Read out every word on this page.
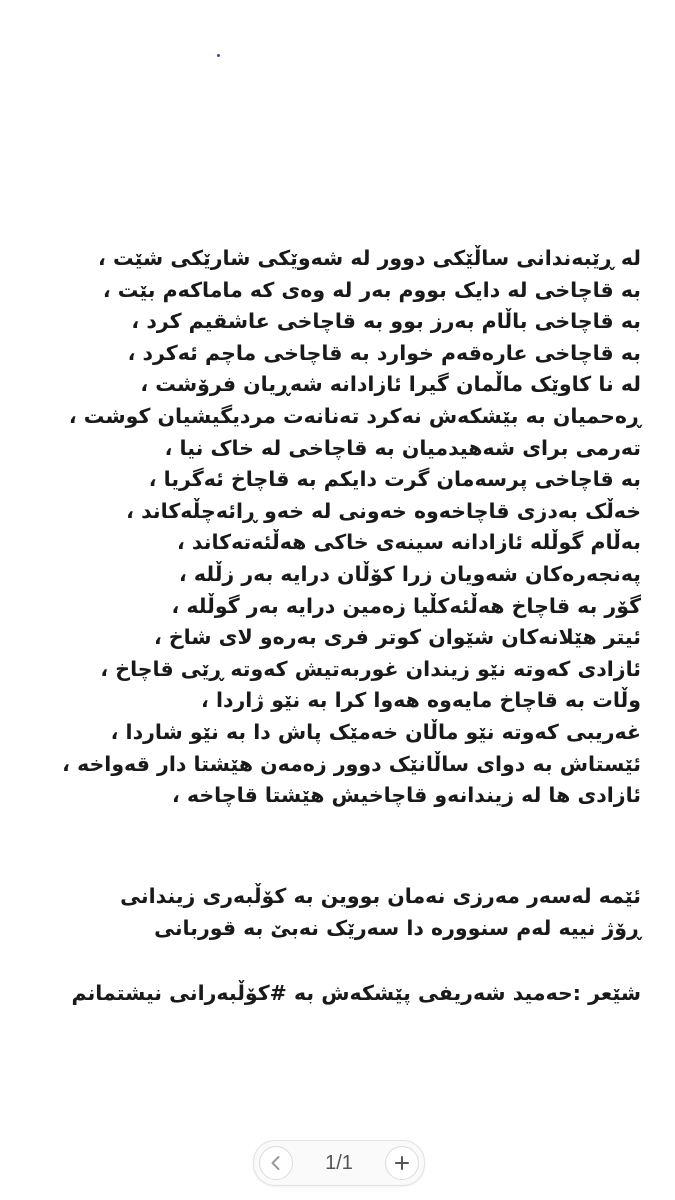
لە ڕێبەندانی ساڵێکی دوور لە شەوێکی شارێکی شێت ،
بە قاچاخی لە دایک بووم بەر لە وەی کە ماماکەم بێت ،
بە قاچاخی باڵام بەرز بوو بە قاچاخی عاشقیم کرد ،
بە قاچاخی عارەقەم خوارد بە قاچاخی ماچم ئەکرد ،
لە نا کاوێک ماڵمان گیرا ئازادانە شەڕیان فرۆشت ،
ڕەحمیان بە بێشکەش نەکرد تەنانەت مردیگیشیان کوشت ،
تەرمی برای شەهیدمیان بە قاچاخی لە خاک نیا ،
بە قاچاخی پرسەمان گرت دایکم بە قاچاخ ئەگریا ،
خەڵک بەدزی قاچاخەوە خەونی لە خەو ڕائەچڵەکاند ،
بەڵام گوڵلە ئازادانە سینەی خاکی هەڵئەتەکاند ،
پەنجەرەکان شەویان زرا کۆڵان درایە بەر زڵلە ،
گۆر بە قاچاخ هەڵئەکڵیا زەمین درایە بەر گوڵلە ،
ئیتر هێلانەکان شێوان کوتر فری بەرەو لای شاخ ،
ئازادی کەوتە نێو زیندان غوربەتیش کەوتە ڕێی قاچاخ ،
وڵات بە قاچاخ مایەوە هەوا کرا بە نێو ژاردا ،
غەریبی کەوتە نێو ماڵان خەمێک پاش دا بە نێو شاردا ،
ئێستاش بە دوای ساڵانێک دوور زەمەن هێشتا دار قەواخە ،
ئازادی ها لە زیندانەو قاچاخیش هێشتا قاچاخە ،
ئێمە لەسەر مەرزی نەمان بووین بە کۆڵبەری زیندانی
ڕۆژ نییە لەم سنوورە دا سەرێک نەبێ بە قوربانی
شێعر :حەمید شەریفی پێشکەش بە #کۆڵبەرانی نیشتمانم
1/1
